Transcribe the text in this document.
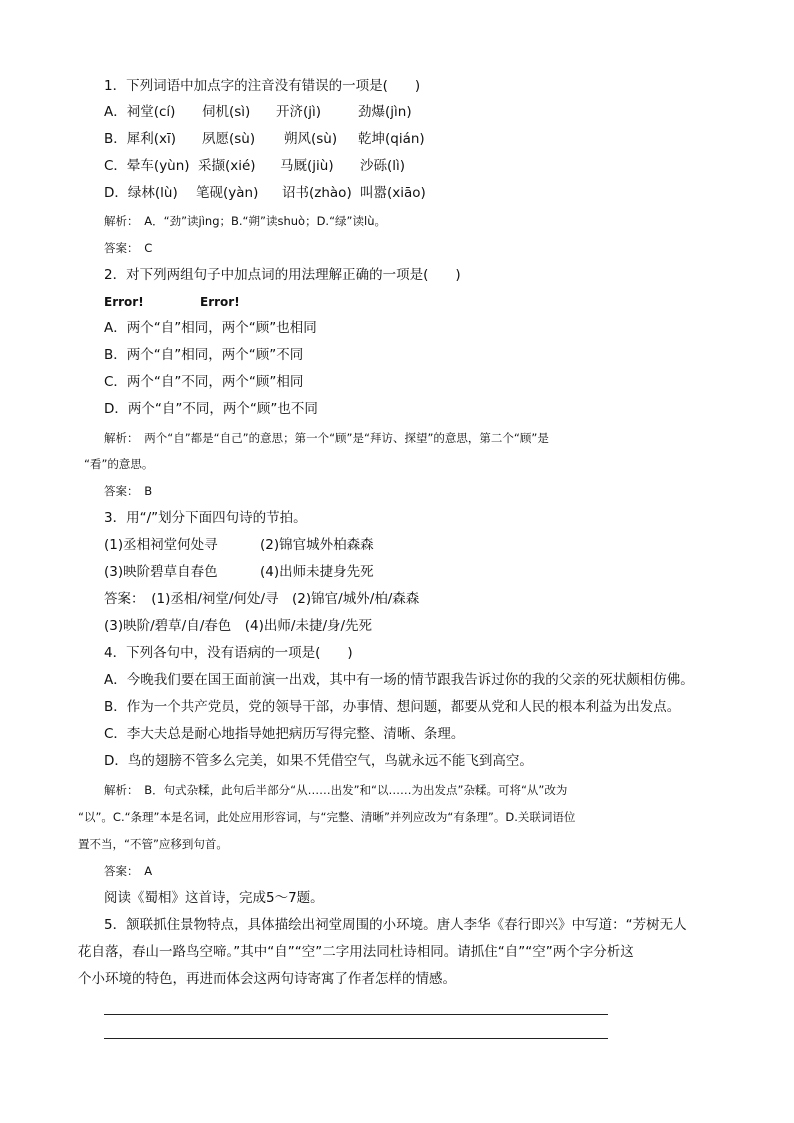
1．下列词语中加点字的注音没有错误的一项是(　　)
A．祠堂(cí) 伺机(sì) 开济(jì)	劲爆(jìn)
B．犀利(xī) 夙愿(sù) 朔风(sù) 乾坤(qián)
C．晕车(yùn) 采撷(xié) 马厩(jiù) 沙砾(lì)
D．绿林(lù) 笔砚(yàn) 诏书(zhào) 叫嚣(xiāo)
解析：　A．“劲”读jìng；B.“朔”读shuò；D.“绿”读lù。
答案：　C
2．对下列两组句子中加点词的用法理解正确的一项是(　　)
Error!	Error!
A．两个“自”相同，两个“顾”也相同
B．两个“自”相同，两个“顾”不同
C．两个“自”不同，两个“顾”相同
D．两个“自”不同，两个“顾”也不同
解析：　两个“自”都是“自己”的意思；第一个“顾”是“拜访、探望”的意思，第二个“顾”是
“看”的意思。
答案：　B
3．用“/”划分下面四句诗的节拍。
(1)丞相祠堂何处寻	(2)锦官城外柏森森
(3)映阶碧草自春色	(4)出师未捷身先死
答案：　(1)丞相/祠堂/何处/寻　(2)锦官/城外/柏/森森
(3)映阶/碧草/自/春色　(4)出师/未捷/身/先死
4．下列各句中，没有语病的一项是(　　)
A．今晚我们要在国王面前演一出戏，其中有一场的情节跟我告诉过你的我的父亲的死状颇相仿佛。
B．作为一个共产党员，党的领导干部，办事情、想问题，都要从党和人民的根本利益为出发点。
C．李大夫总是耐心地指导她把病历写得完整、清晰、条理。
D．鸟的翅膀不管多么完美，如果不凭借空气，鸟就永远不能飞到高空。
解析：　B．句式杂糅，此句后半部分“从……出发”和“以……为出发点”杂糅。可将“从”改为
“以”。C.“条理”本是名词，此处应用形容词，与“完整、清晰”并列应改为“有条理”。D.关联词语位
置不当，“不管”应移到句首。
答案：　A
阅读《蜀相》这首诗，完成5～7题。
5．颔联抓住景物特点，具体描绘出祠堂周围的小环境。唐人李华《春行即兴》中写道：“芳树无人
花自落，春山一路鸟空啼。”其中“自”“空”二字用法同杜诗相同。请抓住“自”“空”两个字分析这
个小环境的特色，再进而体会这两句诗寄寓了作者怎样的情感。
